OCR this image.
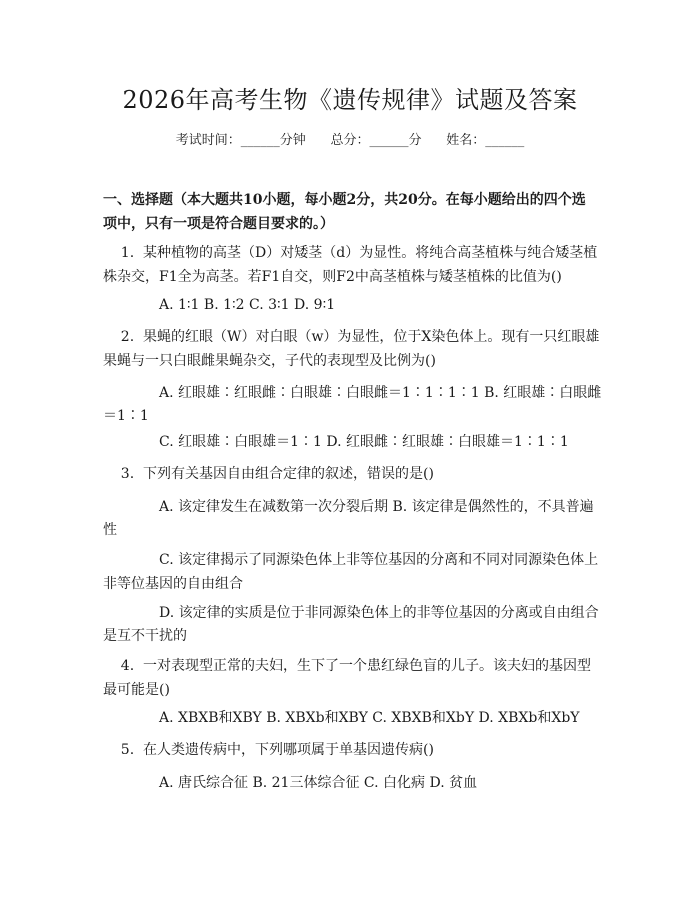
2026年高考生物《遗传规律》试题及答案
考试时间：______分钟      总分：______分      姓名：______
一、选择题（本大题共10小题，每小题2分，共20分。在每小题给出的四个选
项中，只有一项是符合题目要求的。）
1.  某种植物的高茎（D）对矮茎（d）为显性。将纯合高茎植株与纯合矮茎植
株杂交，F1全为高茎。若F1自交，则F2中高茎植株与矮茎植株的比值为()
A. 1∶1 B. 1∶2 C. 3∶1 D. 9∶1
2.  果蝇的红眼（W）对白眼（w）为显性，位于X染色体上。现有一只红眼雄
果蝇与一只白眼雌果蝇杂交，子代的表现型及比例为()
A. 红眼雄∶红眼雌∶白眼雄∶白眼雌＝1∶1∶1∶1 B. 红眼雄∶白眼雌
＝1∶1
C. 红眼雄∶白眼雄＝1∶1 D. 红眼雌∶红眼雄∶白眼雄＝1∶1∶1
3.  下列有关基因自由组合定律的叙述，错误的是()
A. 该定律发生在减数第一次分裂后期 B. 该定律是偶然性的，不具普遍
性
C. 该定律揭示了同源染色体上非等位基因的分离和不同对同源染色体上
非等位基因的自由组合
D. 该定律的实质是位于非同源染色体上的非等位基因的分离或自由组合
是互不干扰的
4.  一对表现型正常的夫妇，生下了一个患红绿色盲的儿子。该夫妇的基因型
最可能是()
A. XBXB和XBY B. XBXb和XBY C. XBXB和XbY D. XBXb和XbY
5.  在人类遗传病中，下列哪项属于单基因遗传病()
A. 唐氏综合征 B. 21三体综合征 C. 白化病 D. 贫血
